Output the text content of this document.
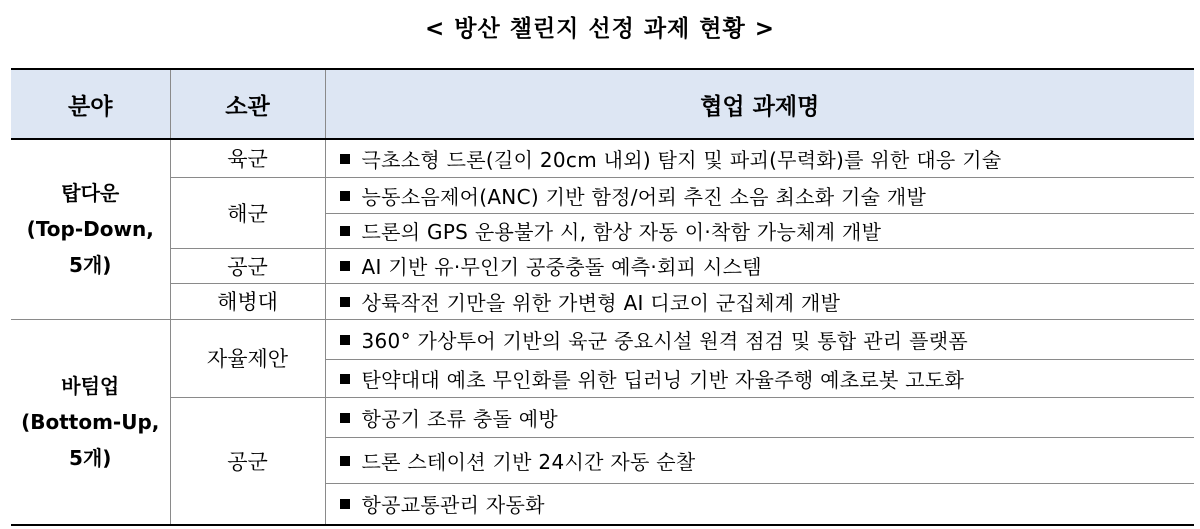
< 방산 챌린지 선정 과제 현황 >
분야	소관	협업 과제명

탑다운
(Top-Down,
5개)	육군	극초소형 드론(길이 20cm 내외) 탐지 및 파괴(무력화)를 위한 대응 기술
	해군	능동소음제어(ANC) 기반 함정/어뢰 추진 소음 최소화 기술 개발
		드론의 GPS 운용불가 시, 함상 자동 이·착함 가능체계 개발
	공군	AI 기반 유·무인기 공중충돌 예측·회피 시스템
	해병대	상륙작전 기만을 위한 가변형 AI 디코이 군집체계 개발

바텀업
(Bottom-Up,
5개)	자율제안	360° 가상투어 기반의 육군 중요시설 원격 점검 및 통합 관리 플랫폼
		탄약대대 예초 무인화를 위한 딥러닝 기반 자율주행 예초로봇 고도화
	공군	항공기 조류 충돌 예방
		드론 스테이션 기반 24시간 자동 순찰
		항공교통관리 자동화
